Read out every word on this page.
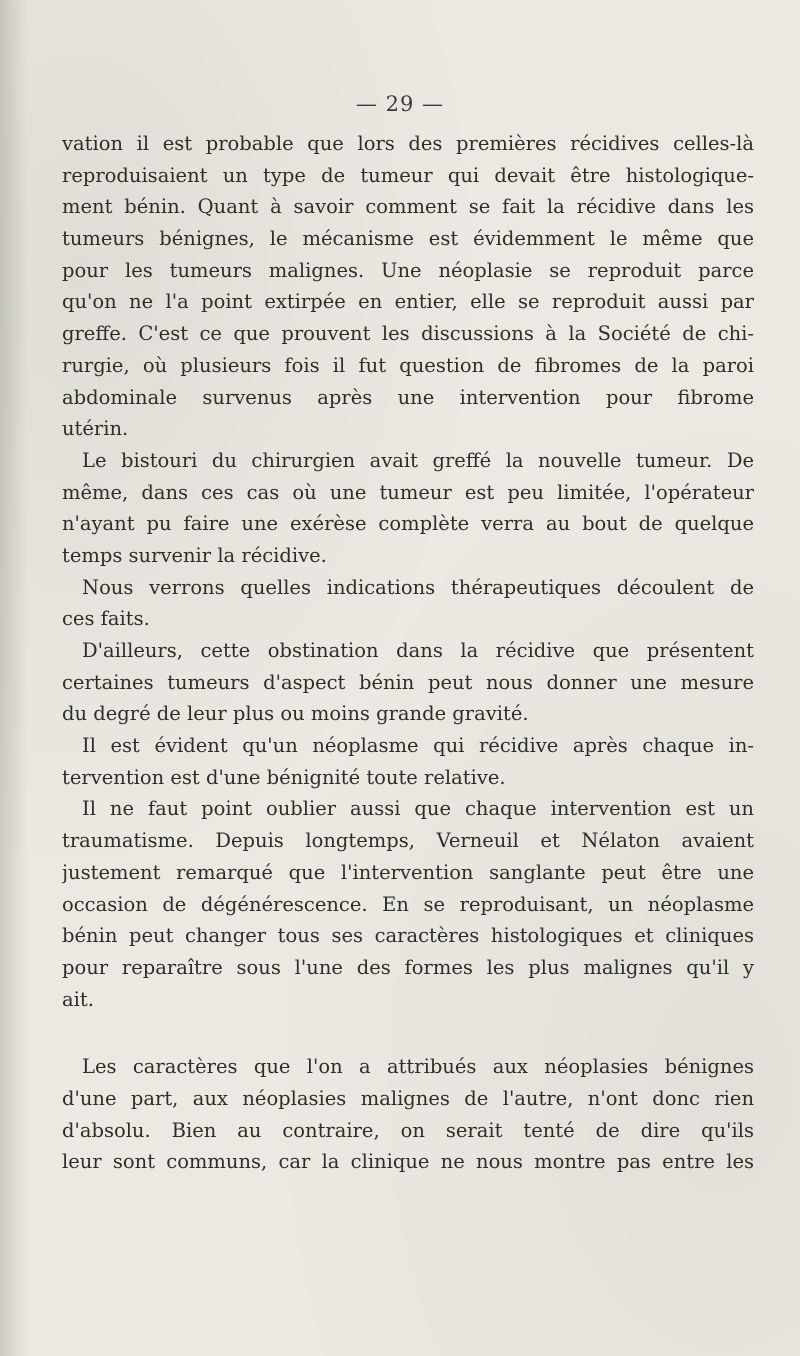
— 29 —
vation il est probable que lors des premières récidives celles-là
reproduisaient un type de tumeur qui devait être histologique-
ment bénin. Quant à savoir comment se fait la récidive dans les
tumeurs bénignes, le mécanisme est évidemment le même que
pour les tumeurs malignes. Une néoplasie se reproduit parce
qu'on ne l'a point extirpée en entier, elle se reproduit aussi par
greffe. C'est ce que prouvent les discussions à la Société de chi-
rurgie, où plusieurs fois il fut question de fibromes de la paroi
abdominale survenus après une intervention pour fibrome
utérin.
Le bistouri du chirurgien avait greffé la nouvelle tumeur. De
même, dans ces cas où une tumeur est peu limitée, l'opérateur
n'ayant pu faire une exérèse complète verra au bout de quelque
temps survenir la récidive.
Nous verrons quelles indications thérapeutiques découlent de
ces faits.
D'ailleurs, cette obstination dans la récidive que présentent
certaines tumeurs d'aspect bénin peut nous donner une mesure
du degré de leur plus ou moins grande gravité.
Il est évident qu'un néoplasme qui récidive après chaque in-
tervention est d'une bénignité toute relative.
Il ne faut point oublier aussi que chaque intervention est un
traumatisme. Depuis longtemps, Verneuil et Nélaton avaient
justement remarqué que l'intervention sanglante peut être une
occasion de dégénérescence. En se reproduisant, un néoplasme
bénin peut changer tous ses caractères histologiques et cliniques
pour reparaître sous l'une des formes les plus malignes qu'il y
ait.
Les caractères que l'on a attribués aux néoplasies bénignes
d'une part, aux néoplasies malignes de l'autre, n'ont donc rien
d'absolu. Bien au contraire, on serait tenté de dire qu'ils
leur sont communs, car la clinique ne nous montre pas entre les
